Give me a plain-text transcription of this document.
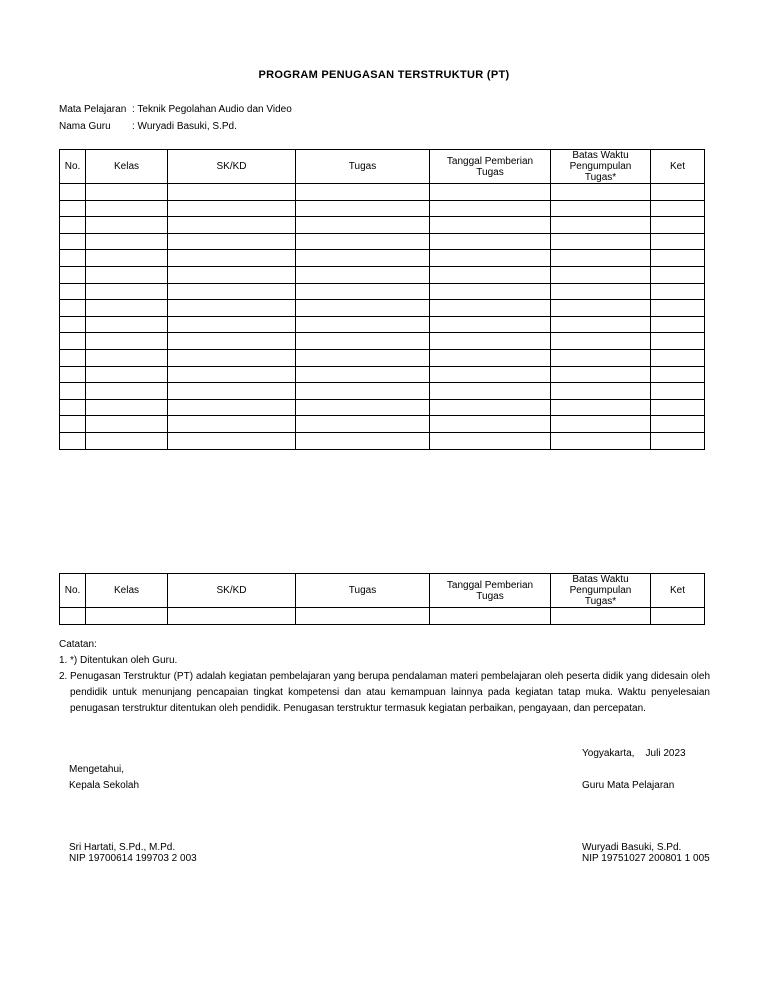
PROGRAM PENUGASAN TERSTRUKTUR (PT)
Mata Pelajaran : Teknik Pegolahan Audio dan Video
Nama Guru : Wuryadi Basuki, S.Pd.
No.	Kelas	SK/KD	Tugas	Tanggal Pemberian Tugas	Batas Waktu Pengumpulan Tugas*	Ket

No.	Kelas	SK/KD	Tugas	Tanggal Pemberian Tugas	Batas Waktu Pengumpulan Tugas*	Ket

Catatan:
1. *) Ditentukan oleh Guru.
2. Penugasan Terstruktur (PT) adalah kegiatan pembelajaran yang berupa pendalaman materi pembelajaran oleh peserta didik yang didesain oleh pendidik untuk menunjang pencapaian tingkat kompetensi dan atau kemampuan lainnya pada kegiatan tatap muka. Waktu penyelesaian penugasan terstruktur ditentukan oleh pendidik. Penugasan terstruktur termasuk kegiatan perbaikan, pengayaan, dan percepatan.
Yogyakarta,    Juli 2023
Mengetahui,
Kepala Sekolah	Guru Mata Pelajaran
Sri Hartati, S.Pd., M.Pd.
NIP 19700614 199703 2 003
Wuryadi Basuki, S.Pd.
NIP 19751027 200801 1 005
